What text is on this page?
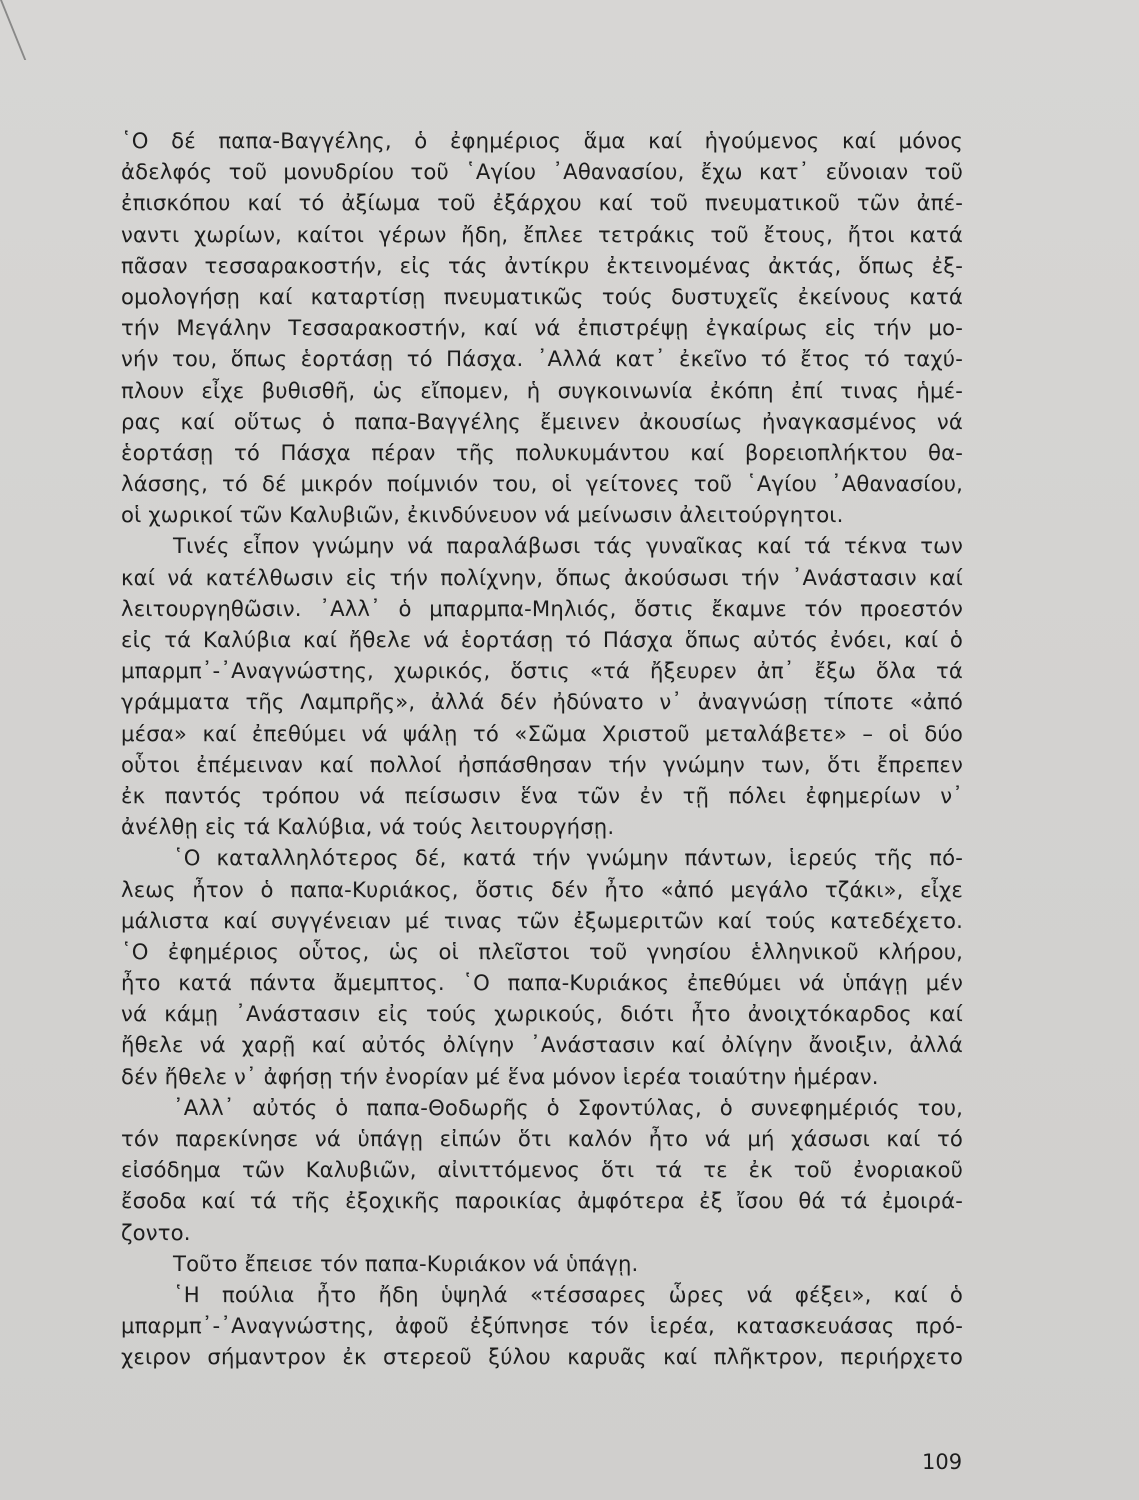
῾Ο δέ παπα-Βαγγέλης, ὁ ἐφημέριος ἅμα καί ἡγούμενος καί μόνος
ἀδελφός τοῦ μονυδρίου τοῦ ῾Αγίου ᾿Αθανασίου, ἔχω κατ᾿ εὔνοιαν τοῦ
ἐπισκόπου καί τό ἀξίωμα τοῦ ἐξάρχου καί τοῦ πνευματικοῦ τῶν ἀπέ-
ναντι χωρίων, καίτοι γέρων ἤδη, ἔπλεε τετράκις τοῦ ἔτους, ἤτοι κατά
πᾶσαν τεσσαρακοστήν, εἰς τάς ἀντίκρυ ἐκτεινομένας ἀκτάς, ὅπως ἐξ-
ομολογήσῃ καί καταρτίσῃ πνευματικῶς τούς δυστυχεῖς ἐκείνους κατά
τήν Μεγάλην Τεσσαρακοστήν, καί νά ἐπιστρέψῃ ἐγκαίρως εἰς τήν μο-
νήν του, ὅπως ἑορτάσῃ τό Πάσχα. ᾿Αλλά κατ᾿ ἐκεῖνο τό ἔτος τό ταχύ-
πλουν εἶχε βυθισθῆ, ὡς εἴπομεν, ἡ συγκοινωνία ἐκόπη ἐπί τινας ἡμέ-
ρας καί οὕτως ὁ παπα-Βαγγέλης ἔμεινεν ἀκουσίως ἠναγκασμένος νά
ἑορτάσῃ τό Πάσχα πέραν τῆς πολυκυμάντου καί βορειοπλήκτου θα-
λάσσης, τό δέ μικρόν ποίμνιόν του, οἱ γείτονες τοῦ ῾Αγίου ᾿Αθανασίου,
οἱ χωρικοί τῶν Καλυβιῶν, ἐκινδύνευον νά μείνωσιν ἀλειτούργητοι.
Τινές εἶπον γνώμην νά παραλάβωσι τάς γυναῖκας καί τά τέκνα των
καί νά κατέλθωσιν εἰς τήν πολίχνην, ὅπως ἀκούσωσι τήν ᾿Ανάστασιν καί
λειτουργηθῶσιν. ᾿Αλλ᾿ ὁ μπαρμπα-Μηλιός, ὅστις ἔκαμνε τόν προεστόν
εἰς τά Καλύβια καί ἤθελε νά ἑορτάσῃ τό Πάσχα ὅπως αὐτός ἐνόει, καί ὁ
μπαρμπ᾿-᾿Αναγνώστης, χωρικός, ὅστις «τά ἤξευρεν ἀπ᾿ ἔξω ὅλα τά
γράμματα τῆς Λαμπρῆς», ἀλλά δέν ἠδύνατο ν᾿ ἀναγνώσῃ τίποτε «ἀπό
μέσα» καί ἐπεθύμει νά ψάλῃ τό «Σῶμα Χριστοῦ μεταλάβετε» – οἱ δύο
οὗτοι ἐπέμειναν καί πολλοί ἠσπάσθησαν τήν γνώμην των, ὅτι ἔπρεπεν
ἐκ παντός τρόπου νά πείσωσιν ἕνα τῶν ἐν τῇ πόλει ἐφημερίων ν᾿
ἀνέλθῃ εἰς τά Καλύβια, νά τούς λειτουργήσῃ.
῾Ο καταλληλότερος δέ, κατά τήν γνώμην πάντων, ἱερεύς τῆς πό-
λεως ἦτον ὁ παπα-Κυριάκος, ὅστις δέν ἦτο «ἀπό μεγάλο τζάκι», εἶχε
μάλιστα καί συγγένειαν μέ τινας τῶν ἐξωμεριτῶν καί τούς κατεδέχετο.
῾Ο ἐφημέριος οὗτος, ὡς οἱ πλεῖστοι τοῦ γνησίου ἑλληνικοῦ κλήρου,
ἦτο κατά πάντα ἄμεμπτος. ῾Ο παπα-Κυριάκος ἐπεθύμει νά ὑπάγῃ μέν
νά κάμῃ ᾿Ανάστασιν εἰς τούς χωρικούς, διότι ἦτο ἀνοιχτόκαρδος καί
ἤθελε νά χαρῇ καί αὐτός ὀλίγην ᾿Ανάστασιν καί ὀλίγην ἄνοιξιν, ἀλλά
δέν ἤθελε ν᾿ ἀφήσῃ τήν ἐνορίαν μέ ἕνα μόνον ἱερέα τοιαύτην ἡμέραν.
᾿Αλλ᾿ αὐτός ὁ παπα-Θοδωρῆς ὁ Σφοντύλας, ὁ συνεφημέριός του,
τόν παρεκίνησε νά ὑπάγῃ εἰπών ὅτι καλόν ἦτο νά μή χάσωσι καί τό
εἰσόδημα τῶν Καλυβιῶν, αἰνιττόμενος ὅτι τά τε ἐκ τοῦ ἐνοριακοῦ
ἔσοδα καί τά τῆς ἐξοχικῆς παροικίας ἀμφότερα ἐξ ἴσου θά τά ἐμοιρά-
ζοντο.
Τοῦτο ἔπεισε τόν παπα-Κυριάκον νά ὑπάγῃ.
῾Η πούλια ἦτο ἤδη ὑψηλά «τέσσαρες ὧρες νά φέξει», καί ὁ
μπαρμπ᾿-᾿Αναγνώστης, ἀφοῦ ἐξύπνησε τόν ἱερέα, κατασκευάσας πρό-
χειρον σήμαντρον ἐκ στερεοῦ ξύλου καρυᾶς καί πλῆκτρον, περιήρχετο
109
